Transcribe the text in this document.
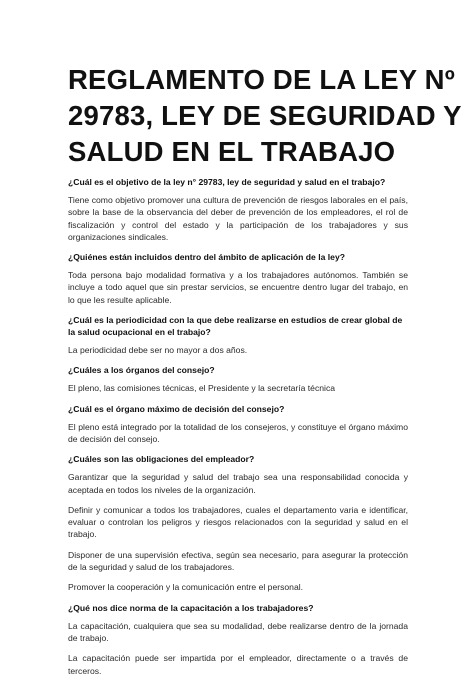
REGLAMENTO DE LA LEY Nº
29783, LEY DE SEGURIDAD Y
SALUD EN EL TRABAJO

¿Cuál es el objetivo de la ley n° 29783, ley de seguridad y salud en el trabajo?

Tiene como objetivo promover una cultura de prevención de riesgos laborales en el país, sobre la base de la observancia del deber de prevención de los empleadores, el rol de fiscalización y control del estado y la participación de los trabajadores y sus organizaciones sindicales.

¿Quiénes están incluidos dentro del ámbito de aplicación de la ley?

Toda persona bajo modalidad formativa y a los trabajadores autónomos. También se incluye a todo aquel que sin prestar servicios, se encuentre dentro lugar del trabajo, en lo que les resulte aplicable.

¿Cuál es la periodicidad con la que debe realizarse en estudios de crear global de la salud ocupacional en el trabajo?

La periodicidad debe ser no mayor a dos años.

¿Cuáles a los órganos del consejo?

El pleno, las comisiones técnicas, el Presidente y la secretaría técnica

¿Cuál es el órgano máximo de decisión del consejo?

El pleno está integrado por la totalidad de los consejeros, y constituye el órgano máximo de decisión del consejo.

¿Cuáles son las obligaciones del empleador?

Garantizar que la seguridad y salud del trabajo sea una responsabilidad conocida y aceptada en todos los niveles de la organización.

Definir y comunicar a todos los trabajadores, cuales el departamento varia e identificar, evaluar o controlan los peligros y riesgos relacionados con la seguridad y salud en el trabajo.

Disponer de una supervisión efectiva, según sea necesario, para asegurar la protección de la seguridad y salud de los trabajadores.

Promover la cooperación y la comunicación entre el personal.

¿Qué nos dice norma de la capacitación a los trabajadores?

La capacitación, cualquiera que sea su modalidad, debe realizarse dentro de la jornada de trabajo.

La capacitación puede ser impartida por el empleador, directamente o a través de terceros.
